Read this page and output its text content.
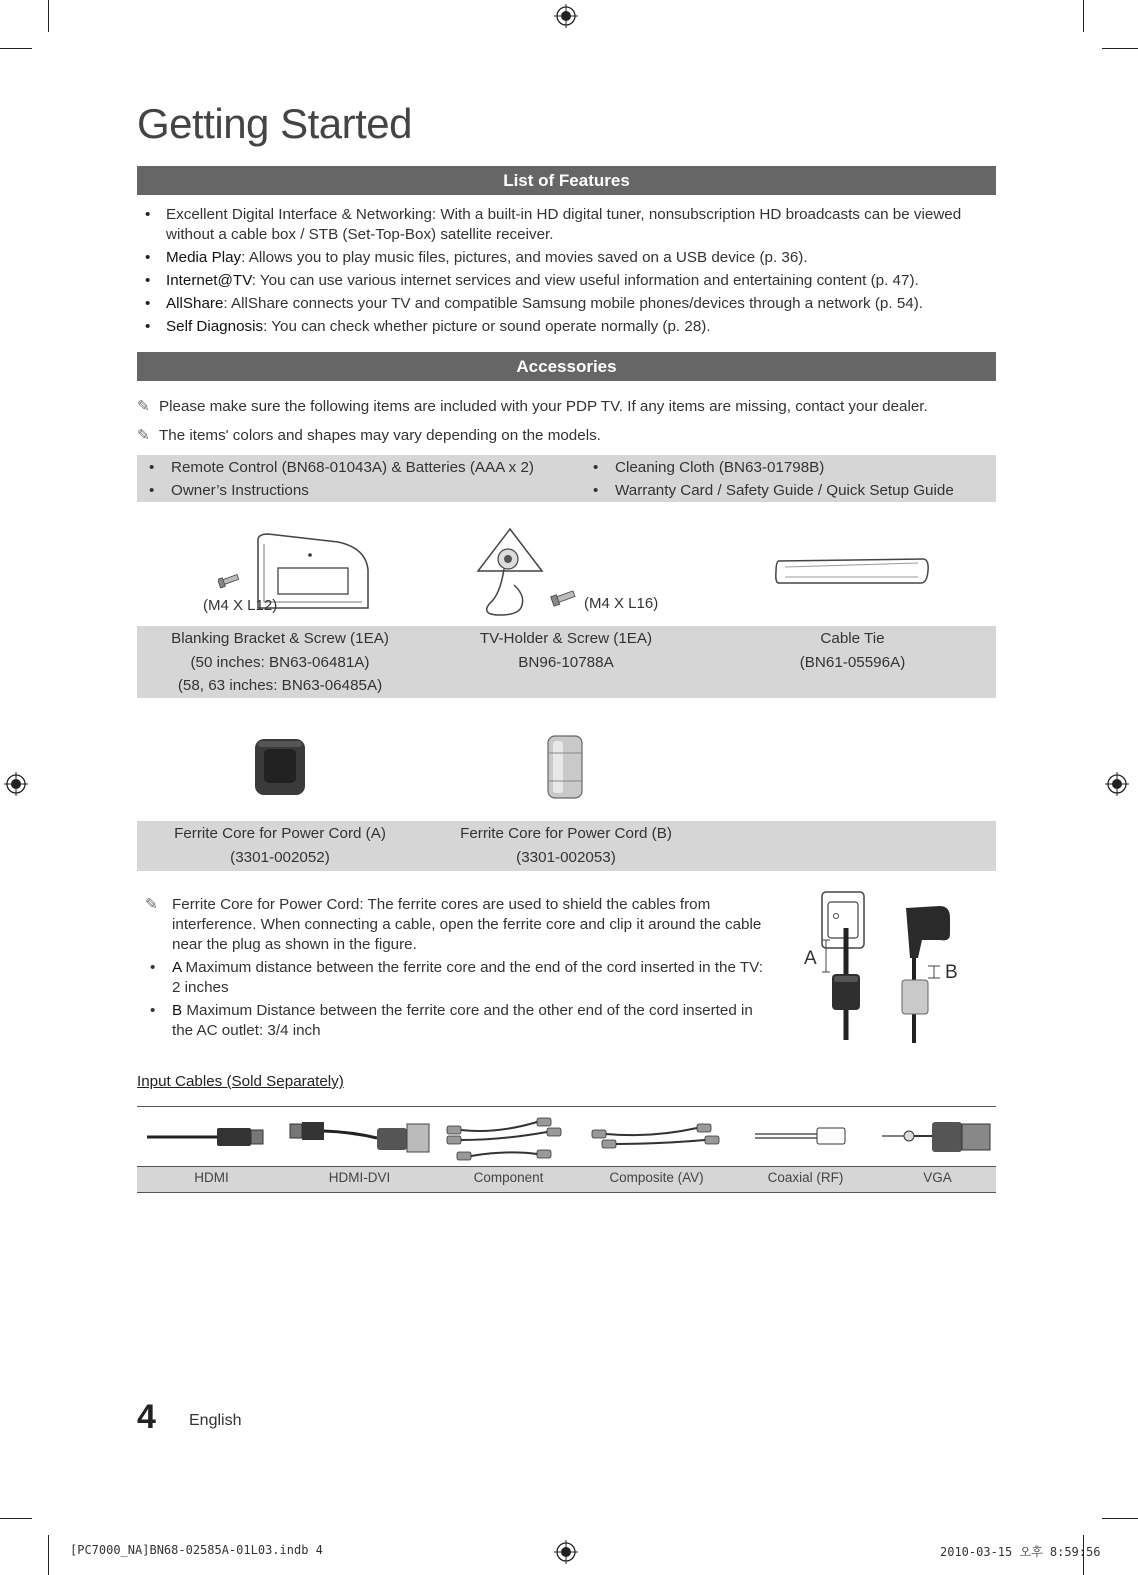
Getting Started
List of Features
• Excellent Digital Interface & Networking: With a built-in HD digital tuner, nonsubscription HD broadcasts can be viewed without a cable box / STB (Set-Top-Box) satellite receiver.
• Media Play: Allows you to play music files, pictures, and movies saved on a USB device (p. 36).
• Internet@TV: You can use various internet services and view useful information and entertaining content (p. 47).
• AllShare: AllShare connects your TV and compatible Samsung mobile phones/devices through a network (p. 54).
• Self Diagnosis: You can check whether picture or sound operate normally (p. 28).
Accessories
✎ Please make sure the following items are included with your PDP TV. If any items are missing, contact your dealer.
✎ The items' colors and shapes may vary depending on the models.
• Remote Control (BN68-01043A) & Batteries (AAA x 2)
• Owner’s Instructions
• Cleaning Cloth (BN63-01798B)
• Warranty Card / Safety Guide / Quick Setup Guide
(M4 X L12)	(M4 X L16)
Blanking Bracket & Screw (1EA)
(50 inches: BN63-06481A)
(58, 63 inches: BN63-06485A)
TV-Holder & Screw (1EA)
BN96-10788A
Cable Tie
(BN61-05596A)
Ferrite Core for Power Cord (A)
(3301-002052)
Ferrite Core for Power Cord (B)
(3301-002053)

✎ Ferrite Core for Power Cord: The ferrite cores are used to shield the cables from interference. When connecting a cable, open the ferrite core and clip it around the cable near the plug as shown in the figure.

• A Maximum distance between the ferrite core and the end of the cord inserted in the TV: 2 inches

• B Maximum Distance between the ferrite core and the other end of the cord inserted in the AC outlet: 3/4 inch

A
B
Input Cables (Sold Separately)
HDMI	HDMI-DVI	Component	Composite (AV)	Coaxial (RF)	VGA
4 English
[PC7000_NA]BN68-02585A-01L03.indb 4	2010-03-15 오후 8:59:56
